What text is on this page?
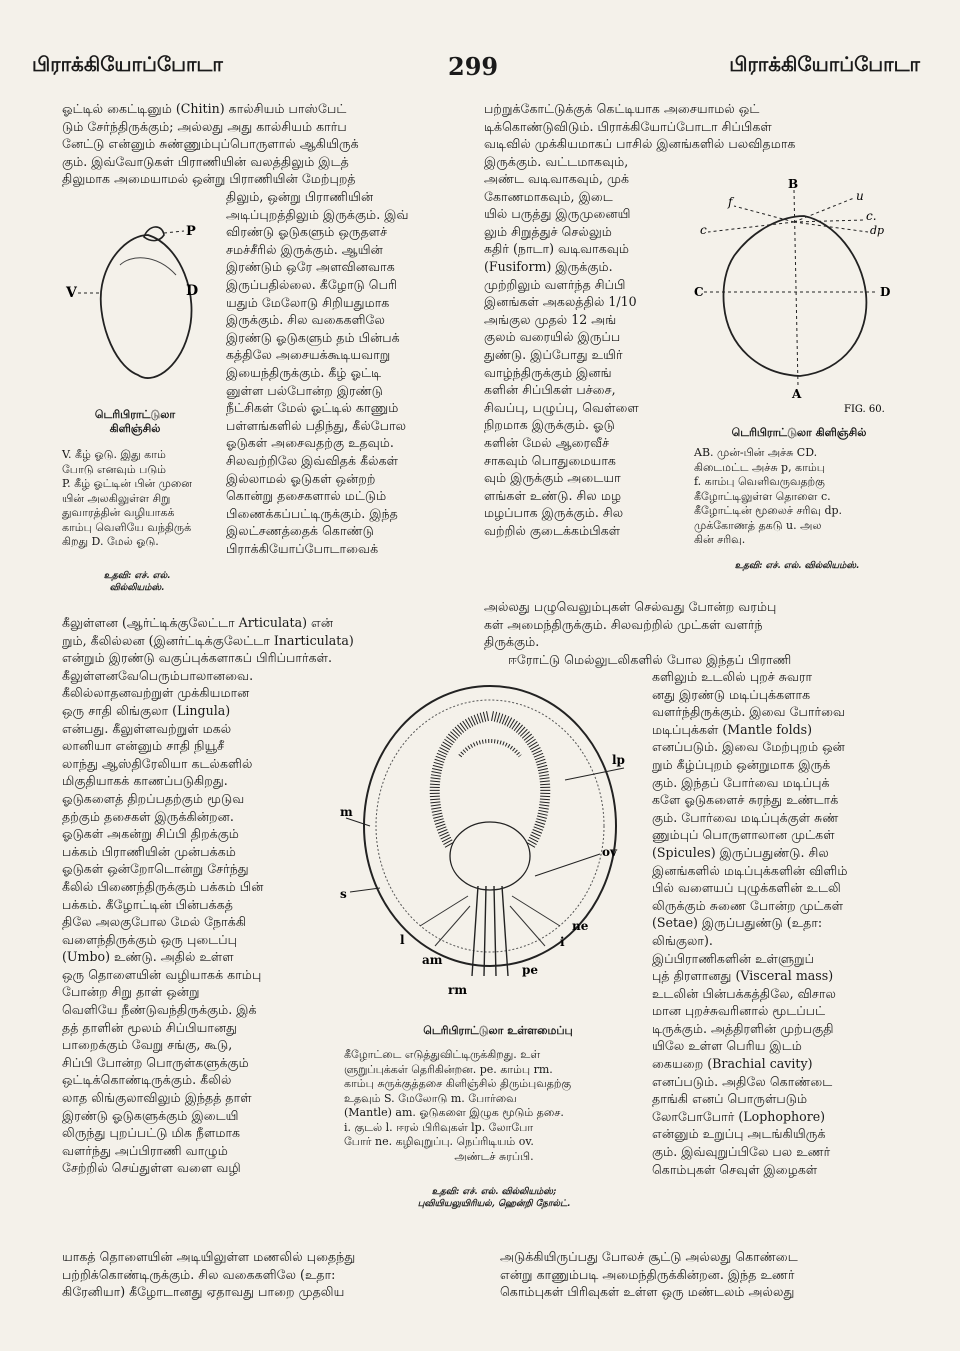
பிராக்கியோப்போடா	299	பிராக்கியோப்போடா

ஓட்டில் கைட்டினும் (Chitin) கால்சியம் பாஸ்பேட்

டும் சேர்ந்திருக்கும்; அல்லது அது கால்சியம் கார்ப

னேட்டு என்னும் சுண்ணும்புப்பொருளால் ஆகியிருக்

கும். இவ்வோடுகள் பிராணியின் வலத்திலும் இடத்

திலுமாக அமையாமல் ஒன்று பிராணியின் மேற்புறத்

P
V	D
டெரிபிராட்டுலா
கிளிஞ்சில்
V. கீழ் ஓடு. இது காம்
போடு எனவும் படும்
P. கீழ் ஓட்டின் பின் முனை
யின் அலகிலுள்ள சிறு
துவாரத்தின் வழியாகக்
காம்பு வெளியே வந்திருக்
கிறது D. மேல் ஓடு.
உதவி: எச். எல்.
வில்லியம்ஸ்.

திலும், ஒன்று பிராணியின்

அடிப்புறத்திலும் இருக்கும். இவ்

விரண்டு ஓடுகளும் ஒருதளச்

சமச்சீரில் இருக்கும். ஆயின்

இரண்டும் ஒரே அளவினவாக

இருப்பதில்லை. கீழோடு பெரி

யதும் மேலோடு சிறியதுமாக

இருக்கும். சில வகைகளிலே

இரண்டு ஓடுகளும் தம் பின்பக்

கத்திலே அசையக்கூடியவாறு

இயைந்திருக்கும். கீழ் ஓட்டி

னுள்ள பல்போன்ற இரண்டு

நீட்சிகள் மேல் ஓட்டில் காணும்

பள்ளங்களில் பதிந்து, கீல்போல

ஓடுகள் அசைவதற்கு உதவும்.

சிலவற்றிலே இவ்விதக் கீல்கள்

இல்லாமல் ஓடுகள் ஒன்றற்

கொன்று தசைகளால் மட்டும்

பிணைக்கப்பட்டிருக்கும். இந்த

இலட்சணத்தைக் கொண்டு

பிராக்கியோப்போடாவைக்

கீலுள்ளன (ஆர்ட்டிக்குலேட்டா Articulata) என்

றும், கீலில்லன (இனர்ட்டிக்குலேட்டா Inarticulata)

என்றும் இரண்டு வகுப்புக்களாகப் பிரிப்பார்கள்.

கீலுள்ளனவேபெரும்பாலானவை.

கீலில்லாதனவற்றுள் முக்கியமான

ஒரு சாதி லிங்குலா (Lingula)

என்பது. கீலுள்ளவற்றுள் மகல்

லானியா என்னும் சாதி நியூசீ

லாந்து ஆஸ்திரேலியா கடல்களில்

மிகுதியாகக் காணப்படுகிறது.

ஓடுகளைத் திறப்பதற்கும் மூடுவ

தற்கும் தசைகள் இருக்கின்றன.

ஓடுகள் அகன்று சிப்பி திறக்கும்

பக்கம் பிராணியின் முன்பக்கம்

ஓடுகள் ஒன்றோடொன்று சேர்ந்து

கீலில் பிணைந்திருக்கும் பக்கம் பின்

பக்கம். கீழோட்டின் பின்பக்கத்

திலே அலகுபோல மேல் நோக்கி

வளைந்திருக்கும் ஒரு புடைப்பு

(Umbo) உண்டு. அதில் உள்ள

ஒரு தொளையின் வழியாகக் காம்பு

போன்ற சிறு தாள் ஒன்று

வெளியே நீண்டுவந்திருக்கும். இக்

தத் தாளின் மூலம் சிப்பியானது

பாறைக்கும் வேறு சங்கு, கூடு,

சிப்பி போன்ற பொருள்களுக்கும்

ஒட்டிக்கொண்டிருக்கும். கீலில்

லாத லிங்குலாவிலும் இந்தத் தாள்

இரண்டு ஓடுகளுக்கும் இடையி

லிருந்து புறப்பட்டு மிக நீளமாக

வளர்ந்து அப்பிராணி வாழும்

சேற்றில் செய்துள்ள வளை வழி

யாகத் தொளையின் அடியிலுள்ள மணலில் புதைந்து

பற்றிக்கொண்டிருக்கும். சில வகைகளிலே (உதா:

கிரேனியா) கீழோடானது ஏதாவது பாறை முதலிய

பற்றுக்கோட்டுக்குக் கெட்டியாக அசையாமல் ஒட்

டிக்கொண்டுவிடும். பிராக்கியோப்போடா சிப்பிகள்

வடிவில் முக்கியமாகப் பாசில் இனங்களில் பலவிதமாக

இருக்கும். வட்டமாகவும்,

அண்ட வடிவாகவும், முக்

கோணமாகவும், இடை

யில் பருத்து இருமுனையி

லும் சிறுத்துச் செல்லும்

கதிர் (நாடா) வடிவாகவும்

(Fusiform) இருக்கும்.

முற்றிலும் வளர்ந்த சிப்பி

இனங்கள் அகலத்தில் 1/10

அங்குல முதல் 12 அங்

குலம் வரையில் இருப்ப

துண்டு. இப்போது உயிர்

வாழ்ந்திருக்கும் இனங்

களின் சிப்பிகள் பச்சை,

சிவப்பு, பழுப்பு, வெள்ளை

நிறமாக இருக்கும். ஓடு

களின் மேல் ஆரைவீச்

சாகவும் பொதுமையாக

வும் இருக்கும் அடையா

ளங்கள் உண்டு. சில மழ

மழப்பாக இருக்கும். சில

வற்றில் குடைக்கம்பிகள்

B
f
c
u
c.
dp
C	D
A
FIG. 60.
டெரிபிராட்டுலா கிளிஞ்சில்
AB. முன்-பின் அச்சு CD.
கிடைமட்ட அச்சு p, காம்பு
f. காம்பு வெளிவருவதற்கு
கீழோட்டிலுள்ள தொளை c.
கீழோட்டின் மூலைச் சரிவு dp.
முக்கோணத் தகடு u. அல
கின் சரிவு.
உதவி: எச். எல். வில்லியம்ஸ்.

அல்லது பழுவெலும்புகள் செல்வது போன்ற வரம்பு

கள் அமைந்திருக்கும். சிலவற்றில் முட்கள் வளர்ந்

திருக்கும்.

ஈரோட்டு மெல்லுடலிகளில் போல இந்தப் பிராணி

lp
m
s
ov
ne
i
l
am
rm
pe
டெரிபிராட்டுலா உள்ளமைப்பு
கீழோட்டை எடுத்துவிட்டிருக்கிறது. உள்
ளுறுப்புக்கள் தெரிகின்றன. pe. காம்பு rm.
காம்பு சுருக்குத்தசை கிளிஞ்சில் திரும்புவதற்கு
உதவும் S. மேலோடு m. போர்வை
(Mantle) am. ஓடுகளை இழுக மூடும் தசை.
i. குடல் l. ஈரல் பிரிவுகள் lp. லோபோ
போர் ne. கழிவுறுப்பு. நெப்ரிடியம் ov.
அண்டச் சுரப்பி.
உதவி: எச். எல். வில்லியம்ஸ்;
புவியியலுயிரியல், ஹென்றி நோல்ட்.

களிலும் உடலில் புறச் சுவரா

னது இரண்டு மடிப்புக்களாக

வளர்ந்திருக்கும். இவை போர்வை

மடிப்புக்கள் (Mantle folds)

எனப்படும். இவை மேற்புறம் ஒன்

றும் கீழ்ப்புறம் ஒன்றுமாக இருக்

கும். இந்தப் போர்வை மடிப்புக்

களே ஓடுகளைச் சுரந்து உண்டாக்

கும். போர்வை மடிப்புக்குள் சுண்

ணும்புப் பொருளாலான முட்கள்

(Spicules) இருப்பதுண்டு. சில

இனங்களில் மடிப்புக்களின் விளிம்

பில் வளையப் புழுக்களின் உடலி

லிருக்கும் சுணை போன்ற முட்கள்

(Setae) இருப்பதுண்டு (உதா:

லிங்குலா).

இப்பிராணிகளின் உள்ளுறுப்

புத் திரளானது (Visceral mass)

உடலின் பின்பக்கத்திலே, விசால

மான புறச்சுவரினால் மூடப்பட்

டிருக்கும். அத்திரளின் முற்பகுதி

யிலே உள்ள பெரிய இடம்

கையறை (Brachial cavity)

எனப்படும். அதிலே கொண்டை

தாங்கி எனப் பொருள்படும்

லோபோபோர் (Lophophore)

என்னும் உறுப்பு அடங்கியிருக்

கும். இவ்வுறுப்பிலே பல உணர்

கொம்புகள் செவுள் இழைகள்

அடுக்கியிருப்பது போலச் சூட்டு அல்லது கொண்டை

என்று காணும்படி அமைந்திருக்கின்றன. இந்த உணர்

கொம்புகள் பிரிவுகள் உள்ள ஒரு மண்டலம் அல்லது
